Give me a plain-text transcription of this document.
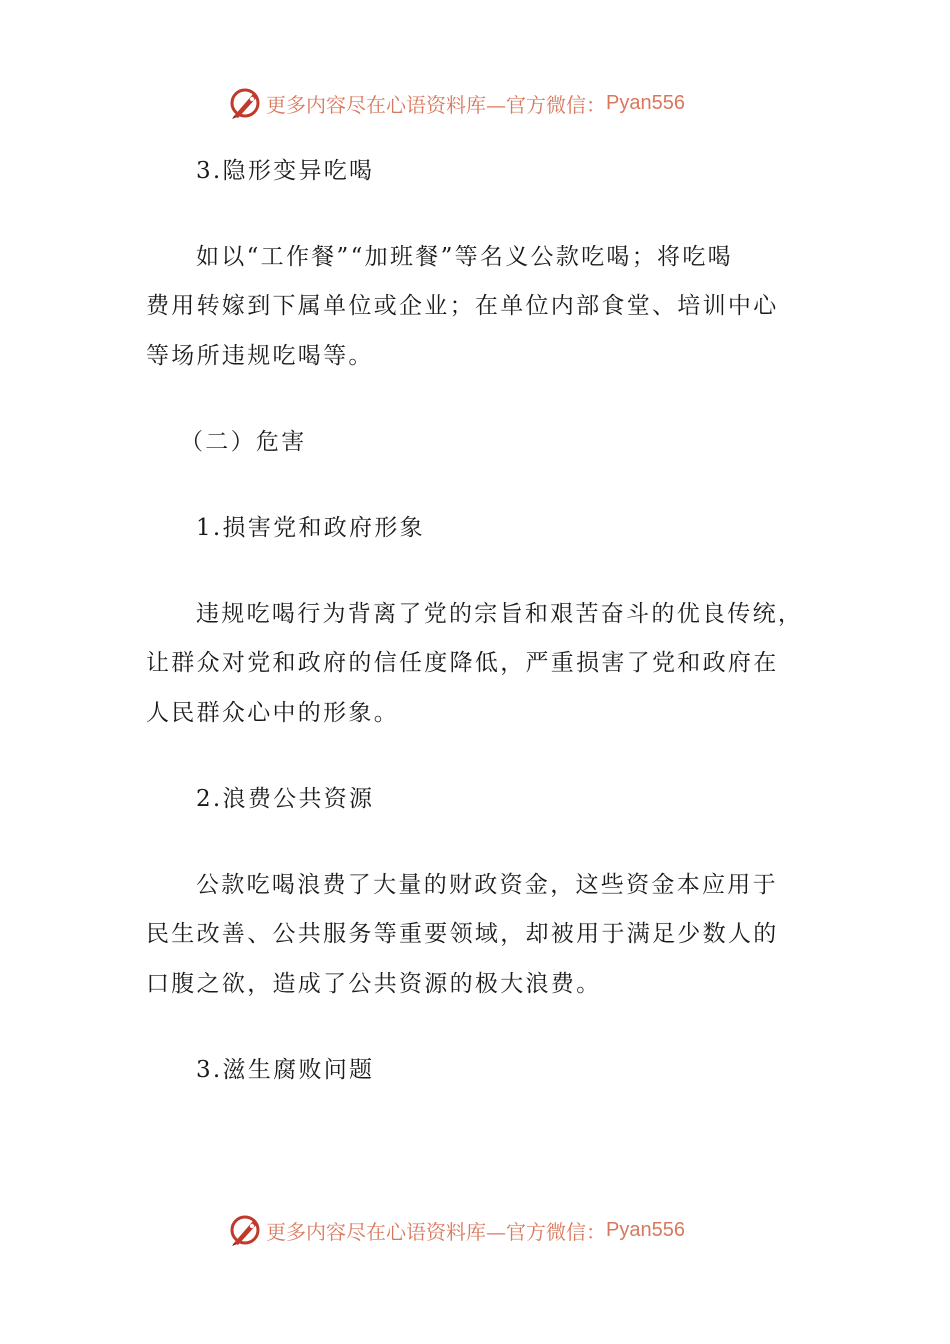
更多内容尽在心语资料库— 官方微信： Pyan556
3.隐形变异吃喝
如以“工作餐”“加班餐”等名义公款吃喝；将吃喝
费用转嫁到下属单位或企业；在单位内部食堂、培训中心
等场所违规吃喝等。
（二）危害
1.损害党和政府形象
违规吃喝行为背离了党的宗旨和艰苦奋斗的优良传统，
让群众对党和政府的信任度降低，严重损害了党和政府在
人民群众心中的形象。
2.浪费公共资源
公款吃喝浪费了大量的财政资金，这些资金本应用于
民生改善、公共服务等重要领域，却被用于满足少数人的
口腹之欲，造成了公共资源的极大浪费。
3.滋生腐败问题
更多内容尽在心语资料库— 官方微信： Pyan556
